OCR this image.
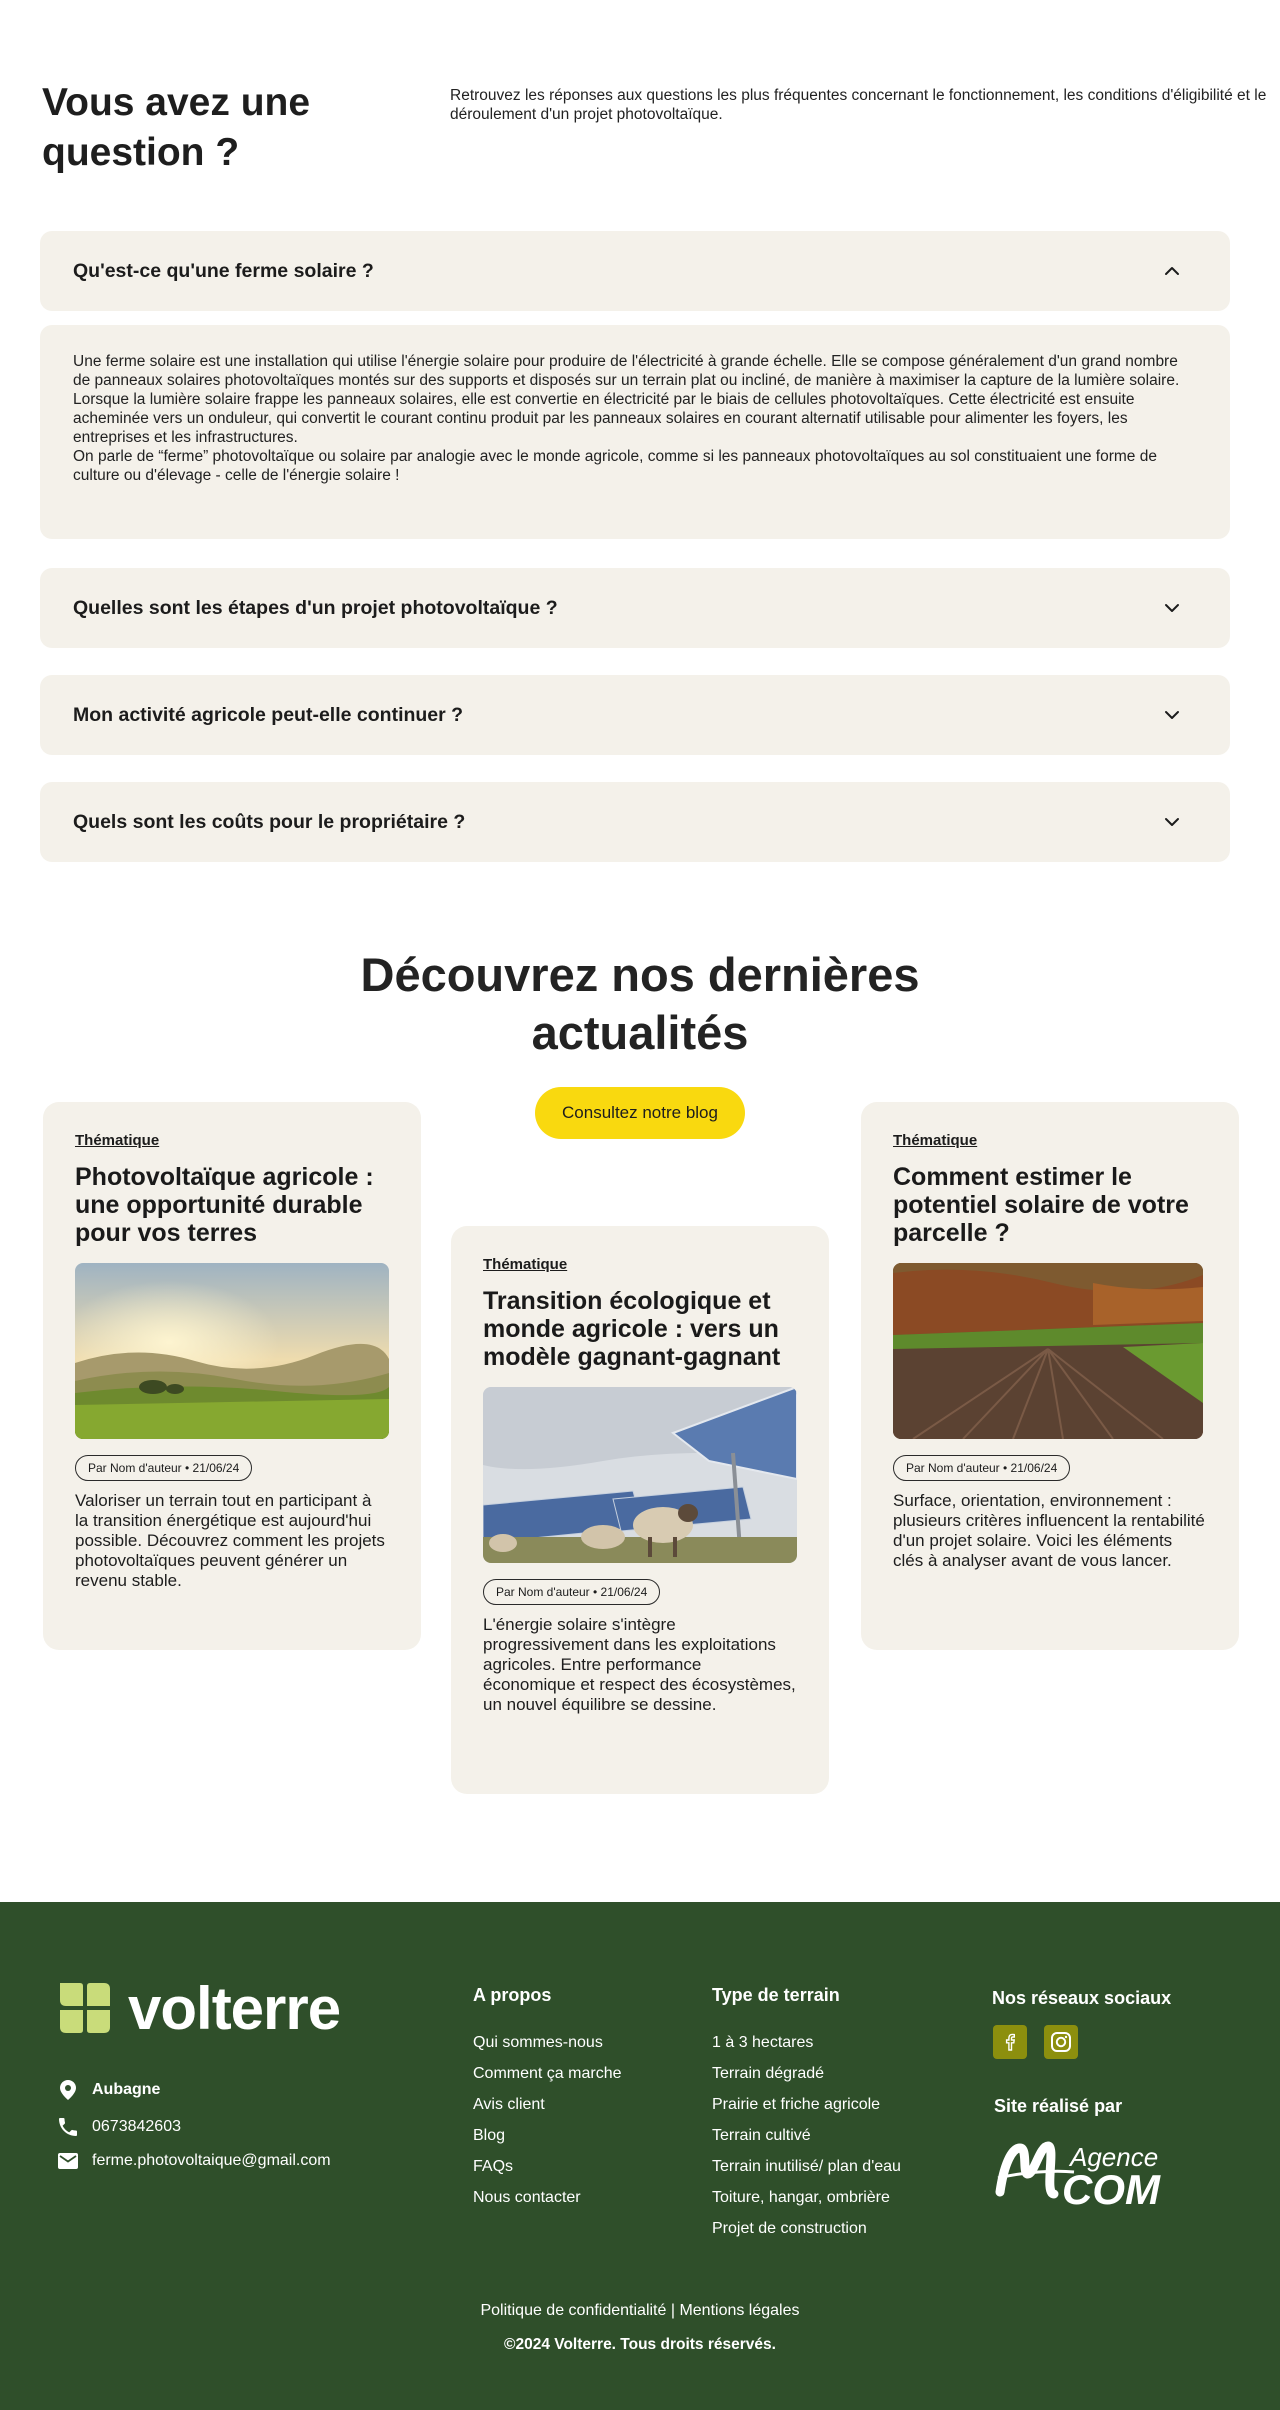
Vous avez une question ?

Retrouvez les réponses aux questions les plus fréquentes concernant le fonctionnement, les conditions d'éligibilité et le déroulement d'un projet photovoltaïque.

Qu'est-ce qu'une ferme solaire ?

Une ferme solaire est une installation qui utilise l'énergie solaire pour produire de l'électricité à grande échelle. Elle se compose généralement d'un grand nombre de panneaux solaires photovoltaïques montés sur des supports et disposés sur un terrain plat ou incliné, de manière à maximiser la capture de la lumière solaire.

Lorsque la lumière solaire frappe les panneaux solaires, elle est convertie en électricité par le biais de cellules photovoltaïques. Cette électricité est ensuite acheminée vers un onduleur, qui convertit le courant continu produit par les panneaux solaires en courant alternatif utilisable pour alimenter les foyers, les entreprises et les infrastructures.

On parle de “ferme” photovoltaïque ou solaire par analogie avec le monde agricole, comme si les panneaux photovoltaïques au sol constituaient une forme de culture ou d'élevage - celle de l'énergie solaire !

Quelles sont les étapes d'un projet photovoltaïque ?
Mon activité agricole peut-elle continuer ?
Quels sont les coûts pour le propriétaire ?
Découvrez nos dernières actualités
Consultez notre blog
Thématique
Photovoltaïque agricole : une opportunité durable pour vos terres
Par Nom d'auteur • 21/06/24

Valoriser un terrain tout en participant à la transition énergétique est aujourd'hui possible. Découvrez comment les projets photovoltaïques peuvent générer un revenu stable.

Thématique
Transition écologique et monde agricole : vers un modèle gagnant-gagnant
Par Nom d'auteur • 21/06/24

L'énergie solaire s'intègre progressivement dans les exploitations agricoles. Entre performance économique et respect des écosystèmes, un nouvel équilibre se dessine.

Thématique
Comment estimer le potentiel solaire de votre parcelle ?
Par Nom d'auteur • 21/06/24

Surface, orientation, environnement : plusieurs critères influencent la rentabilité d'un projet solaire. Voici les éléments clés à analyser avant de vous lancer.

volterre
Aubagne
0673842603
ferme.photovoltaique@gmail.com
A propos
Qui sommes-nous
Comment ça marche
Avis client
Blog
FAQs
Nous contacter
Type de terrain
1 à 3 hectares
Terrain dégradé
Prairie et friche agricole
Terrain cultivé
Terrain inutilisé/ plan d'eau
Toiture, hangar, ombrière
Projet de construction
Nos réseaux sociaux
Site réalisé par
Agence
COM
Politique de confidentialité | Mentions légales
©2024 Volterre. Tous droits réservés.
